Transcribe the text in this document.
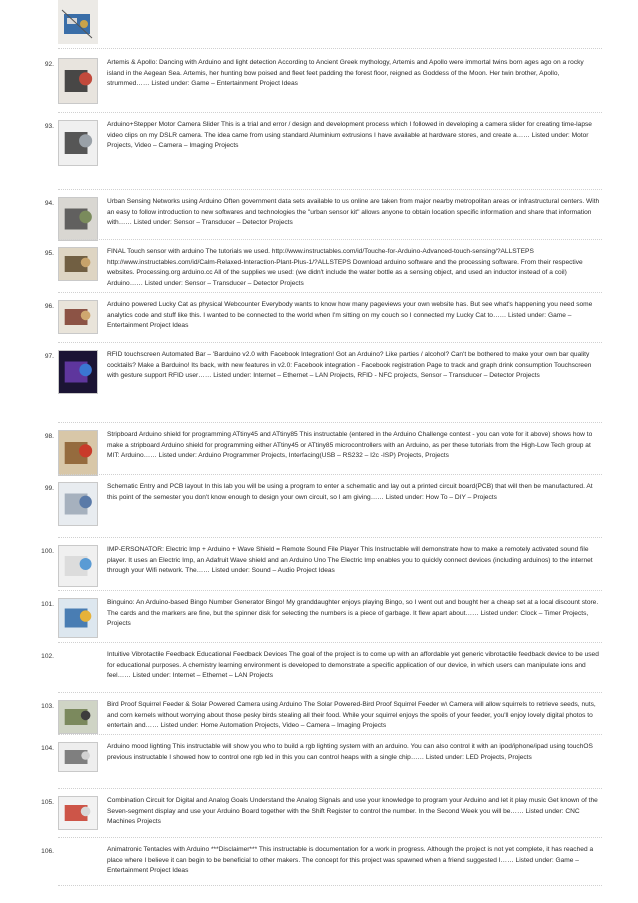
92.	Artemis & Apollo: Dancing with Arduino and light detection According to Ancient Greek mythology, Artemis and Apollo were immortal twins born ages ago on a rocky island in the Aegean Sea. Artemis, her hunting bow poised and fleet feet padding the forest floor, reigned as Goddess of the Moon. Her twin brother, Apollo, strummed…… Listed under: Game – Entertainment Project Ideas
93.	Arduino+Stepper Motor Camera Slider This is a trial and error / design and development process which I followed in developing a camera slider for creating time-lapse video clips on my DSLR camera. The idea came from using standard Aluminium extrusions I have available at hardware stores, and create a…… Listed under: Motor Projects, Video – Camera – Imaging Projects
94.	Urban Sensing Networks using Arduino Often government data sets available to us online are taken from major nearby metropolitan areas or infrastructural centers. With an easy to follow introduction to new softwares and technologies the "urban sensor kit" allows anyone to obtain location specific information and share that information with…… Listed under: Sensor – Transducer – Detector Projects
95.	FINAL Touch sensor with arduino The tutorials we used. http://www.instructables.com/id/Touche-for-Arduino-Advanced-touch-sensing/?ALLSTEPS http://www.instructables.com/id/Calm-Relaxed-Interaction-Plant-Plus-1/?ALLSTEPS Download arduino software and the processing software. From their respective websites. Processing.org arduino.cc All of the supplies we used: (we didn't include the water bottle as a sensing object, and used an inductor instead of a coil) Arduino…… Listed under: Sensor – Transducer – Detector Projects
96.	Arduino powered Lucky Cat as physical Webcounter Everybody wants to know how many pageviews your own website has. But see what's happening you need some analytics code and stuff like this. I wanted to be connected to the world when I'm sitting on my couch so I connected my Lucky Cat to…… Listed under: Game – Entertainment Project Ideas
97.	RFID touchscreen Automated Bar – 'Barduino v2.0 with Facebook Integration! Got an Arduino? Like parties / alcohol? Can't be bothered to make your own bar quality cocktails? Make a Barduino! Its back, with new features in v2.0: Facebook integration - Facebook registration Page to track and graph drink consumption Touchscreen with gesture support RFID user…… Listed under: Internet – Ethernet – LAN Projects, RFID - NFC projects, Sensor – Transducer – Detector Projects
98.	Stripboard Arduino shield for programming ATtiny45 and ATtiny85 This instructable (entered in the Arduino Challenge contest - you can vote for it above) shows how to make a stripboard Arduino shield for programming either ATtiny45 or ATtiny85 microcontrollers with an Arduino, as per these tutorials from the High-Low Tech group at MIT: Arduino…… Listed under: Arduino Programmer Projects, Interfacing(USB – RS232 – I2c -ISP) Projects, Projects
99.	Schematic Entry and PCB layout In this lab you will be using a program to enter a schematic and lay out a printed circuit board(PCB) that will then be manufactured. At this point of the semester you don't know enough to design your own circuit, so I am giving…… Listed under: How To – DIY – Projects
100.	IMP-ERSONATOR: Electric Imp + Arduino + Wave Shield = Remote Sound File Player This Instructable will demonstrate how to make a remotely activated sound file player. It uses an Electric Imp, an Adafruit Wave shield and an Arduino Uno The Electric Imp enables you to quickly connect devices (including arduinos) to the internet through your Wifi network. The…… Listed under: Sound – Audio Project Ideas
101.	Binguino: An Arduino-based Bingo Number Generator Bingo! My granddaughter enjoys playing Bingo, so I went out and bought her a cheap set at a local discount store. The cards and the markers are fine, but the spinner disk for selecting the numbers is a piece of garbage. It flew apart about…… Listed under: Clock – Timer Projects, Projects
102.	Intuitive Vibrotactile Feedback Educational Feedback Devices The goal of the project is to come up with an affordable yet generic vibrotactile feedback device to be used for educational purposes. A chemistry learning environment is developed to demonstrate a specific application of our device, in which users can manipulate ions and feel…… Listed under: Internet – Ethernet – LAN Projects
103.	Bird Proof Squirrel Feeder & Solar Powered Camera using Arduino The Solar Powered-Bird Proof Squirrel Feeder w\ Camera will allow squirrels to retrieve seeds, nuts, and corn kernels without worrying about those pesky birds stealing all their food. While your squirrel enjoys the spoils of your feeder, you'll enjoy lovely digital photos to entertain and…… Listed under: Home Automation Projects, Video – Camera – Imaging Projects
104.	Arduino mood lighting This instructable will show you who to build a rgb lighting system with an arduino. You can also control it with an ipod/iphone/ipad using touchOS previous instructable I showed how to control one rgb led in this you can control heaps with a single chip…… Listed under: LED Projects, Projects
105.	Combination Circuit for Digital and Analog Goals Understand the Analog Signals and use your knowledge to program your Arduino and let it play music Get known of the Seven-segment display and use your Arduino Board together with the Shift Register to control the number. In the Second Week you will be…… Listed under: CNC Machines Projects
106.	Animatronic Tentacles with Arduino ***Disclaimer*** This instructable is documentation for a work in progress. Although the project is not yet complete, it has reached a place where I believe it can begin to be beneficial to other makers. The concept for this project was spawned when a friend suggested I…… Listed under: Game – Entertainment Project Ideas
